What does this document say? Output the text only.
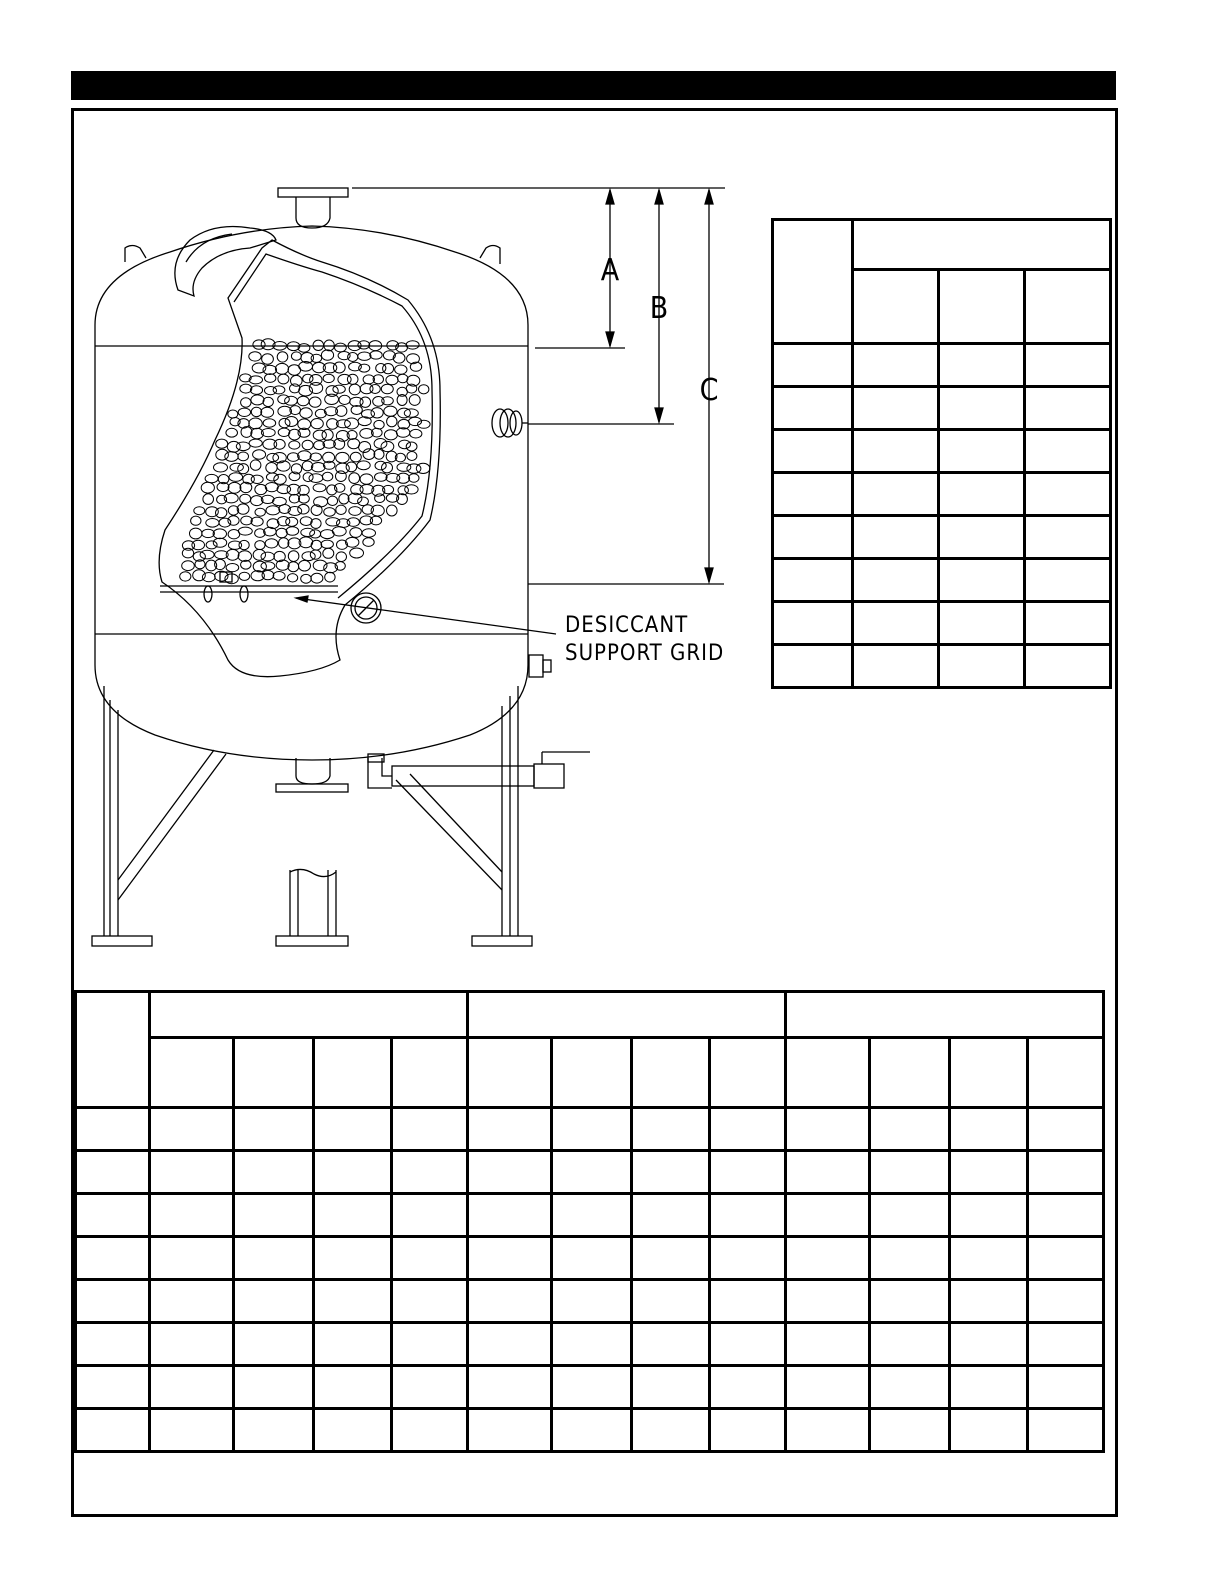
A
B
C
DESICCANT
SUPPORT GRID
